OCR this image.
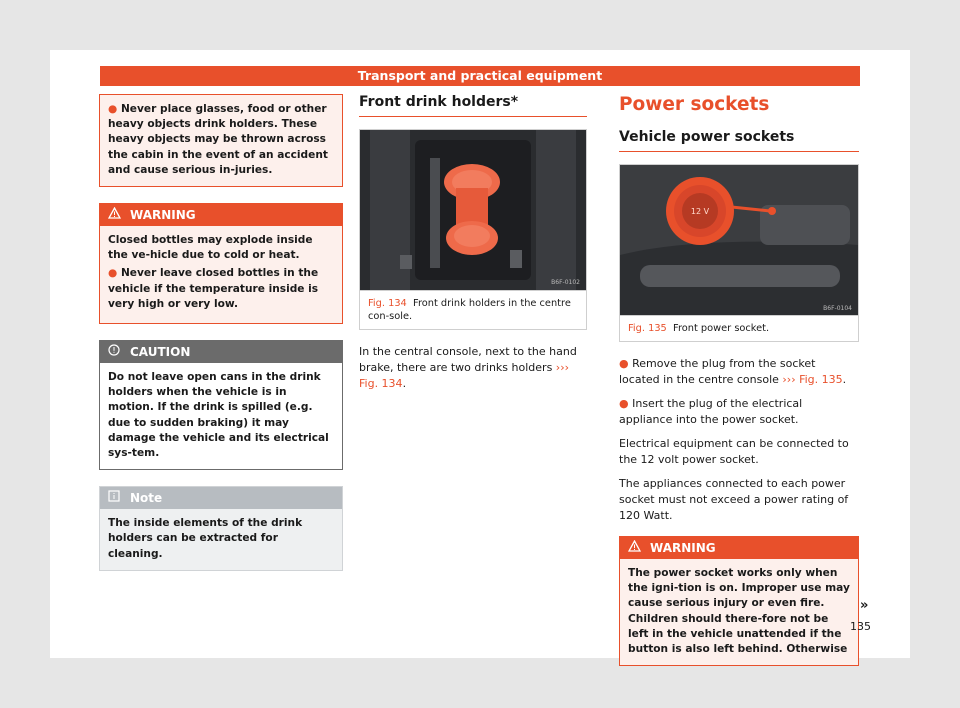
Transport and practical equipment
● Never place glasses, food or other heavy objects drink holders. These heavy objects may be thrown across the cabin in the event of an accident and cause serious in-juries.
WARNING
Closed bottles may explode inside the ve-hicle due to cold or heat.
● Never leave closed bottles in the vehicle if the temperature inside is very high or very low.
CAUTION
Do not leave open cans in the drink holders when the vehicle is in motion. If the drink is spilled (e.g. due to sudden braking) it may damage the vehicle and its electrical sys-tem.
Note
The inside elements of the drink holders can be extracted for cleaning.
Front drink holders*
B6F-0102
Fig. 134 Front drink holders in the centre con-sole.
In the central console, next to the hand brake, there are two drinks holders ››› Fig. 134.
Power sockets
Vehicle power sockets
12 V
B6F-0104
Fig. 135 Front power socket.
● Remove the plug from the socket located in the centre console ››› Fig. 135.
● Insert the plug of the electrical appliance into the power socket.
Electrical equipment can be connected to the 12 volt power socket.
The appliances connected to each power socket must not exceed a power rating of 120 Watt.
WARNING
The power socket works only when the igni-tion is on. Improper use may cause serious injury or even fire. Children should there-fore not be left in the vehicle unattended if the button is also left behind. Otherwise
»
135
